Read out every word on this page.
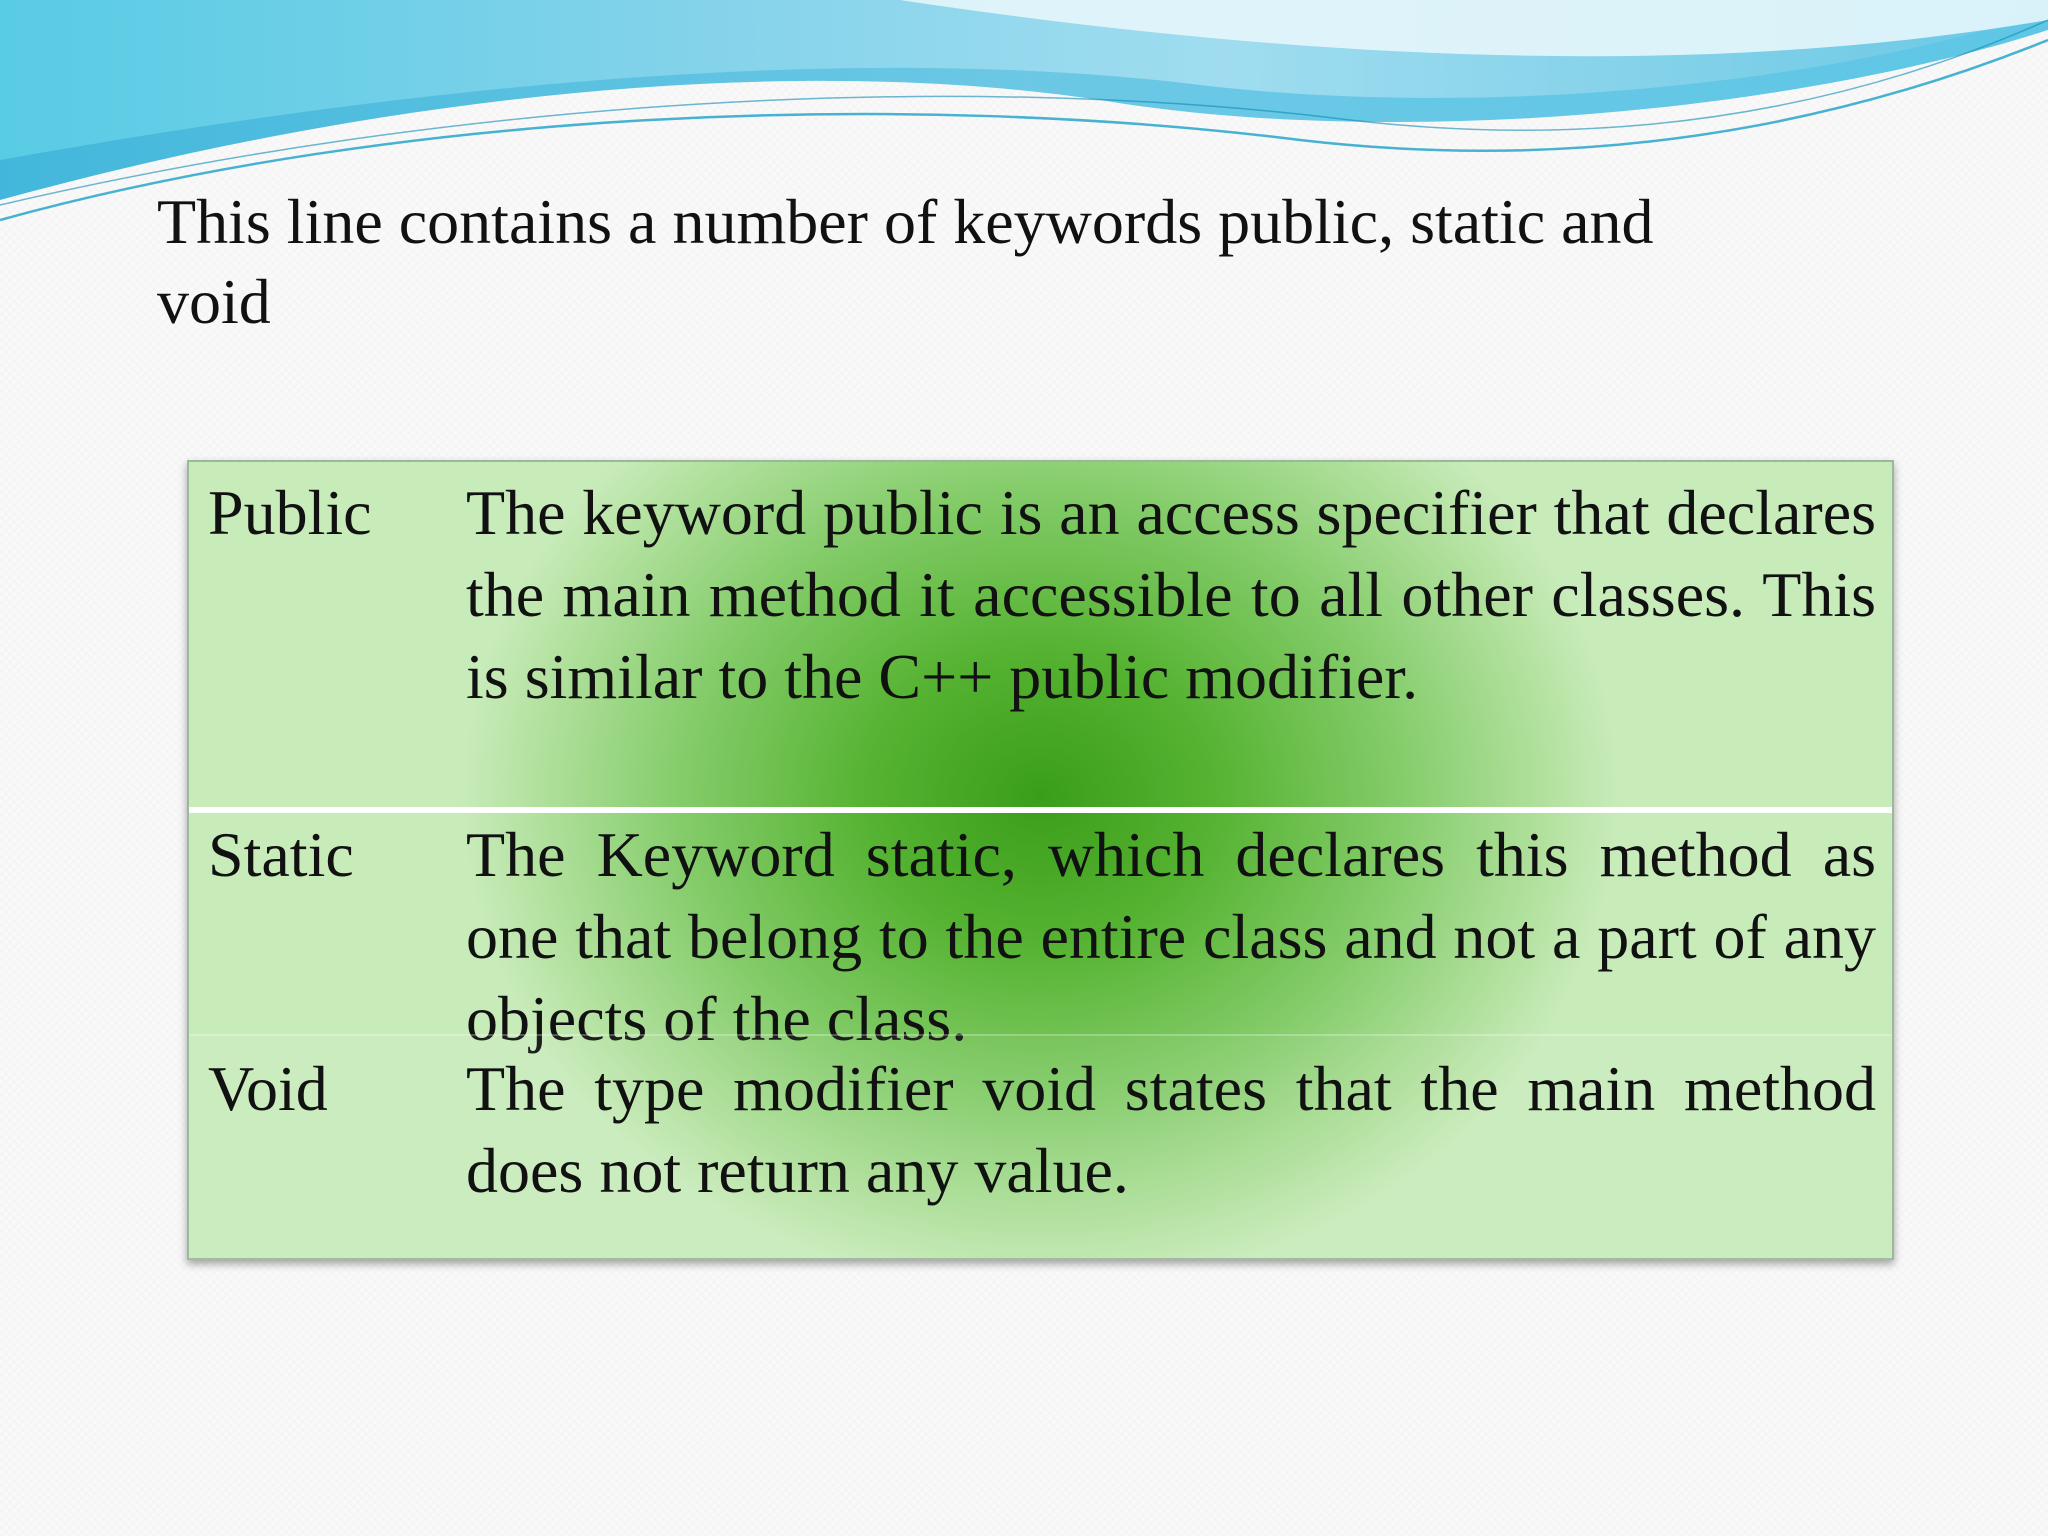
This line contains a number of keywords public, static and void

Public The keyword public is an access specifier that declares the main method it accessible to all other classes. This is similar to the C++ public modifier.

Static The Keyword static, which declares this method as one that belong to the entire class and not a part of any objects of the class.

Void The type modifier void states that the main method does not return any value.
